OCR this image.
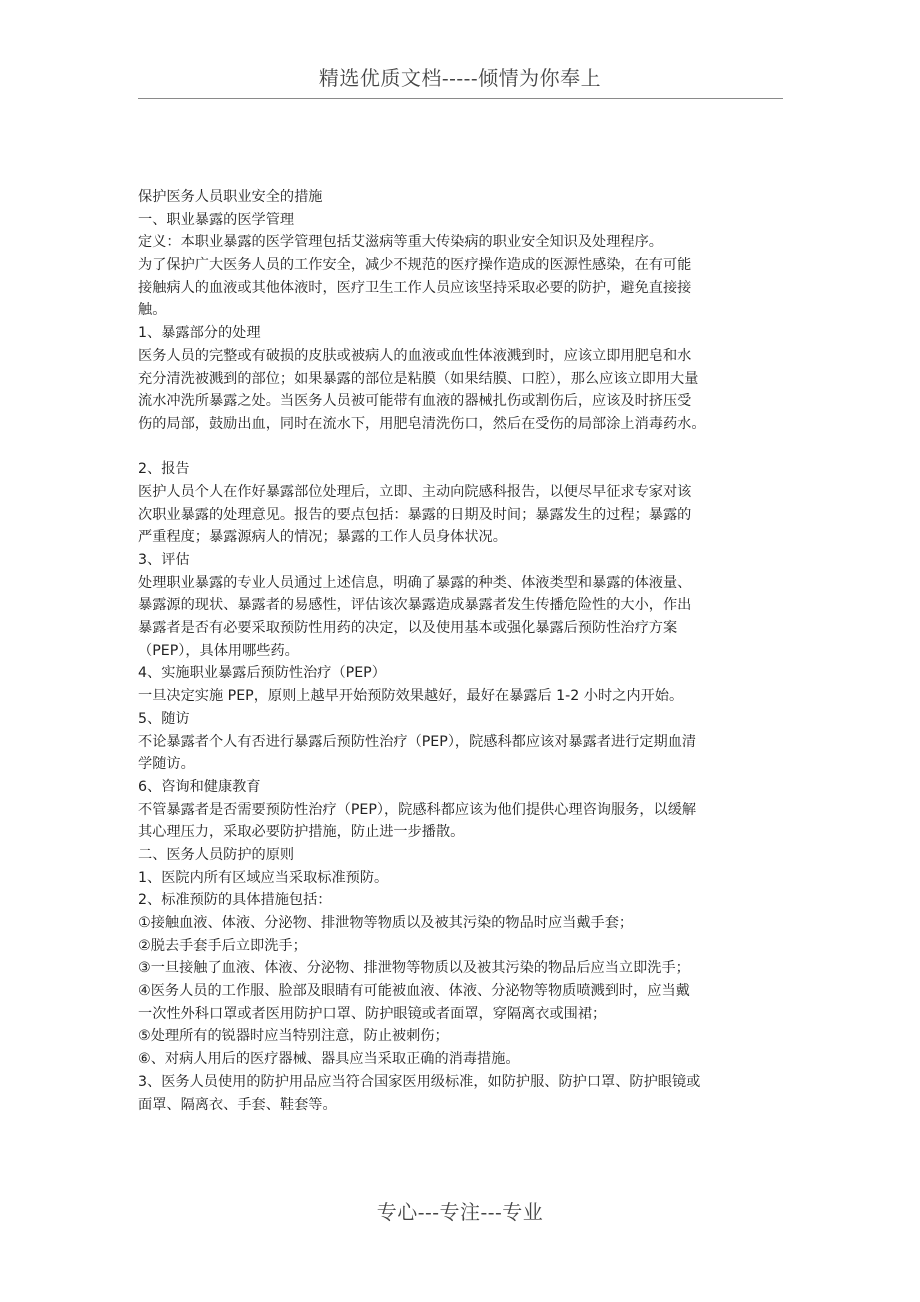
精选优质文档-----倾情为你奉上
保护医务人员职业安全的措施
一、职业暴露的医学管理
定义：本职业暴露的医学管理包括艾滋病等重大传染病的职业安全知识及处理程序。
为了保护广大医务人员的工作安全，减少不规范的医疗操作造成的医源性感染，在有可能
接触病人的血液或其他体液时，医疗卫生工作人员应该坚持采取必要的防护，避免直接接
触。
1、暴露部分的处理
医务人员的完整或有破损的皮肤或被病人的血液或血性体液溅到时，应该立即用肥皂和水
充分清洗被溅到的部位；如果暴露的部位是粘膜（如果结膜、口腔），那么应该立即用大量
流水冲洗所暴露之处。当医务人员被可能带有血液的器械扎伤或割伤后，应该及时挤压受
伤的局部，鼓励出血，同时在流水下，用肥皂清洗伤口，然后在受伤的局部涂上消毒药水。
2、报告
医护人员个人在作好暴露部位处理后，立即、主动向院感科报告，以便尽早征求专家对该
次职业暴露的处理意见。报告的要点包括：暴露的日期及时间；暴露发生的过程；暴露的
严重程度；暴露源病人的情况；暴露的工作人员身体状况。
3、评估
处理职业暴露的专业人员通过上述信息，明确了暴露的种类、体液类型和暴露的体液量、
暴露源的现状、暴露者的易感性，评估该次暴露造成暴露者发生传播危险性的大小，作出
暴露者是否有必要采取预防性用药的决定，以及使用基本或强化暴露后预防性治疗方案
（PEP），具体用哪些药。
4、实施职业暴露后预防性治疗（PEP）
一旦决定实施 PEP，原则上越早开始预防效果越好，最好在暴露后 1-2 小时之内开始。
5、随访
不论暴露者个人有否进行暴露后预防性治疗（PEP），院感科都应该对暴露者进行定期血清
学随访。
6、咨询和健康教育
不管暴露者是否需要预防性治疗（PEP），院感科都应该为他们提供心理咨询服务，以缓解
其心理压力，采取必要防护措施，防止进一步播散。
二、医务人员防护的原则
1、医院内所有区域应当采取标准预防。
2、标准预防的具体措施包括：
①接触血液、体液、分泌物、排泄物等物质以及被其污染的物品时应当戴手套；
②脱去手套手后立即洗手；
③一旦接触了血液、体液、分泌物、排泄物等物质以及被其污染的物品后应当立即洗手；
④医务人员的工作服、脸部及眼睛有可能被血液、体液、分泌物等物质喷溅到时，应当戴
一次性外科口罩或者医用防护口罩、防护眼镜或者面罩，穿隔离衣或围裙；
⑤处理所有的锐器时应当特别注意，防止被刺伤；
⑥、对病人用后的医疗器械、器具应当采取正确的消毒措施。
3、医务人员使用的防护用品应当符合国家医用级标准，如防护服、防护口罩、防护眼镜或
面罩、隔离衣、手套、鞋套等。
专心---专注---专业
